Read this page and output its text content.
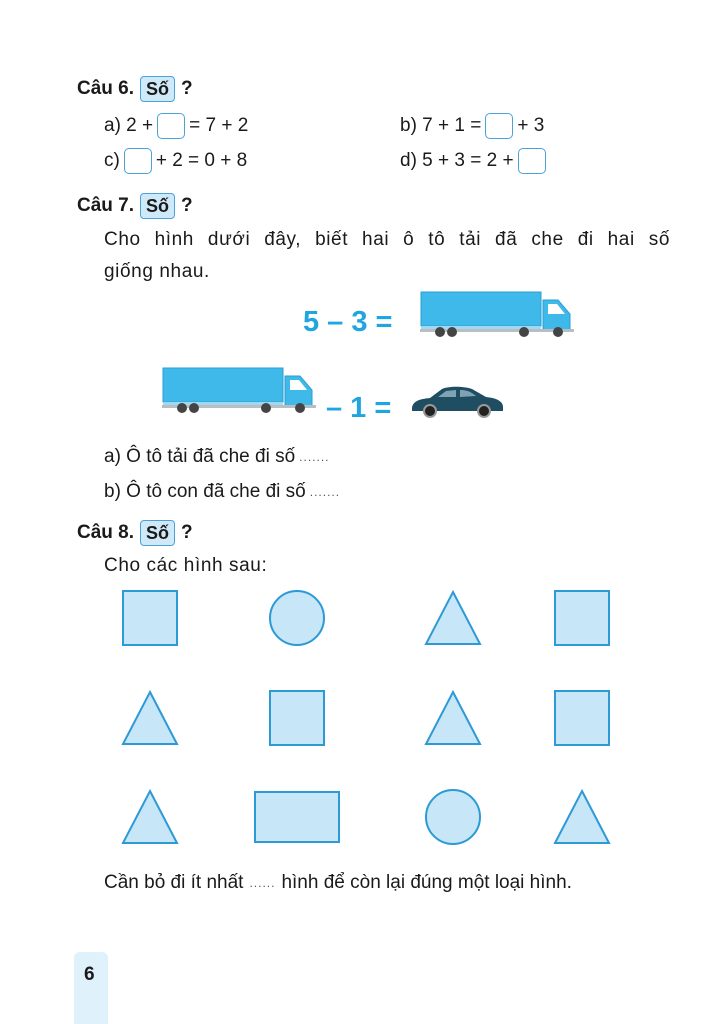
Câu 6. Số ?
a) 2 + = 7 + 2	b) 7 + 1 = + 3
c) + 2 = 0 + 8	d) 5 + 3 = 2 +
Câu 7. Số ?
Cho hình dưới đây, biết hai ô tô tải đã che đi hai số
giống nhau.
5 – 3 =
– 1 =
a) Ô tô tải đã che đi số .......
b) Ô tô con đã che đi số .......
Câu 8. Số ?
Cho các hình sau:
Cần bỏ đi ít nhất ...... hình để còn lại đúng một loại hình.
6
